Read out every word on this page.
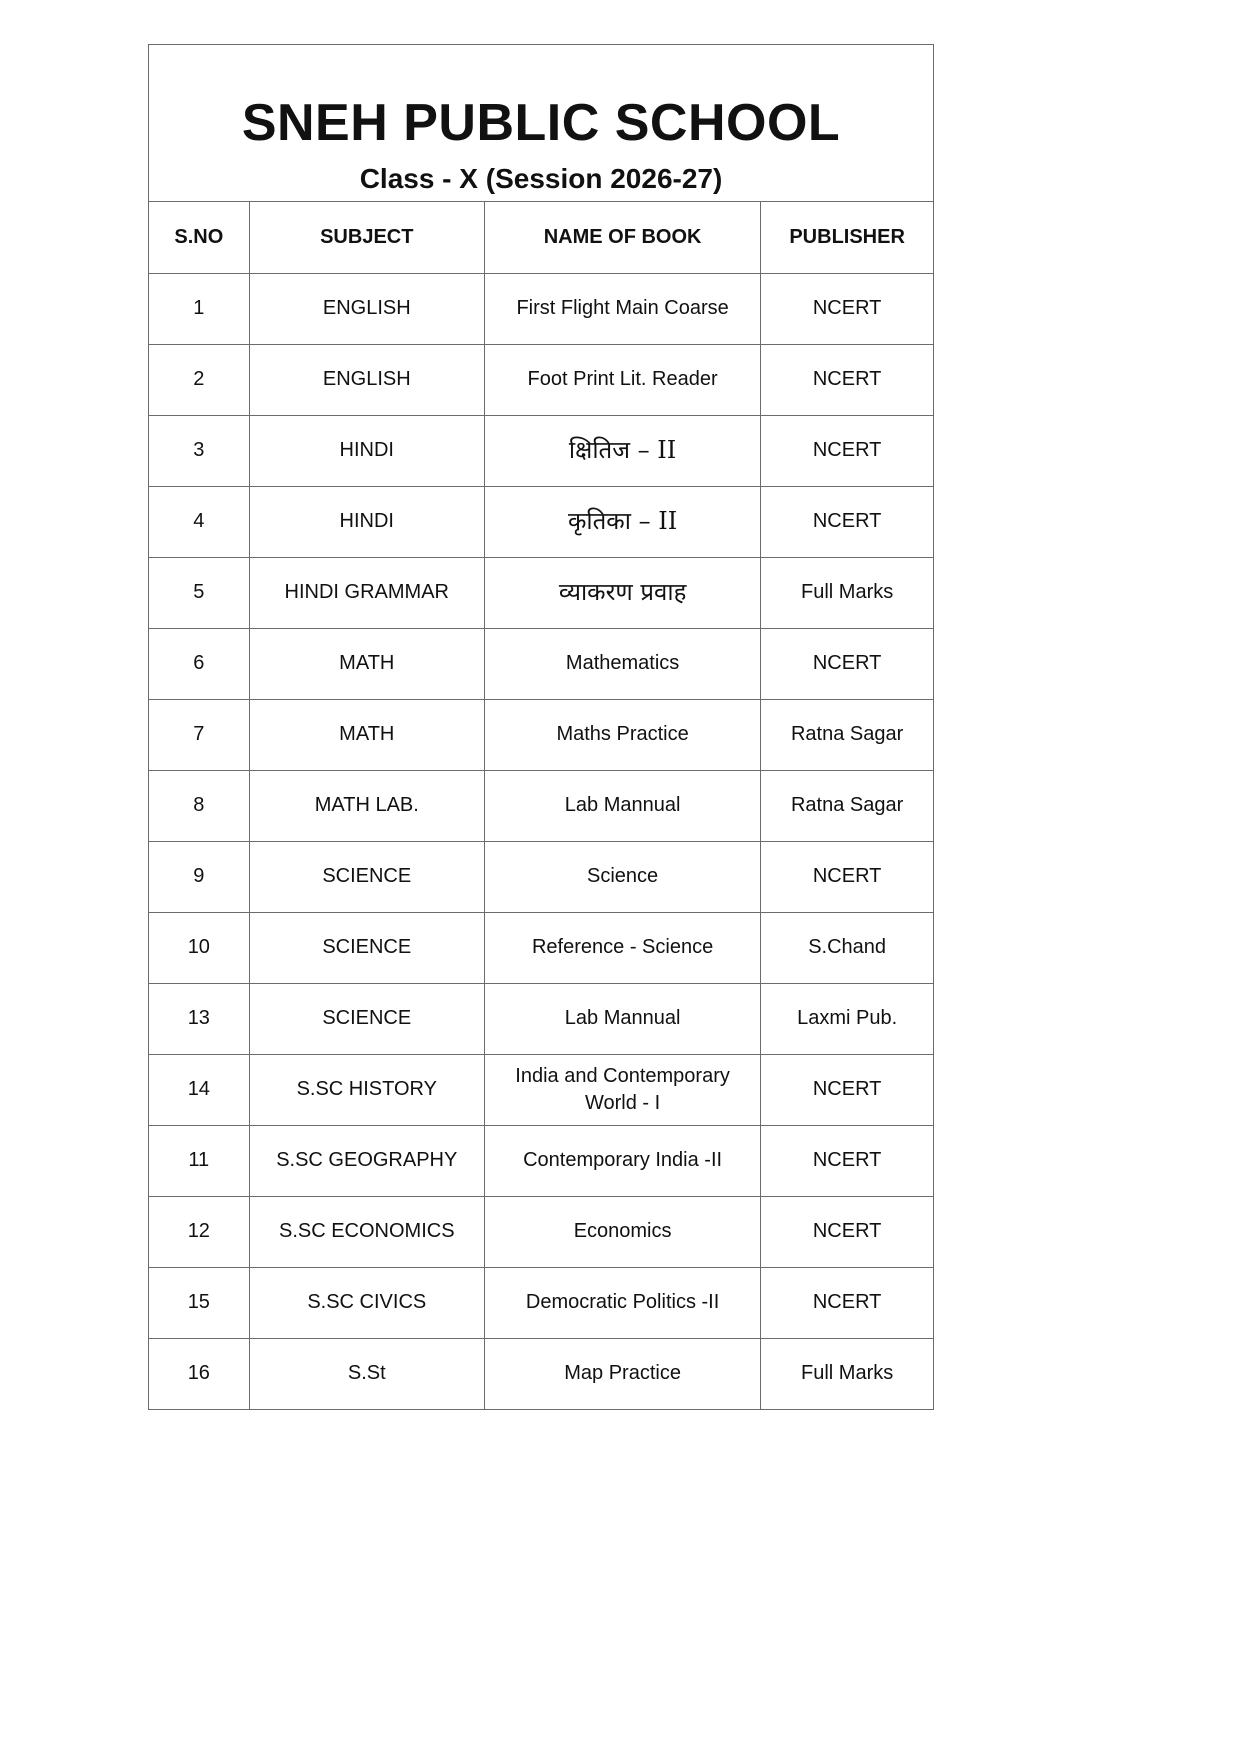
SNEH PUBLIC SCHOOL
Class - X (Session 2026-27)
S.NO	SUBJECT	NAME OF BOOK	PUBLISHER
1	ENGLISH	First Flight Main Coarse	NCERT
2	ENGLISH	Foot Print Lit. Reader	NCERT
3	HINDI	क्षितिज – II	NCERT
4	HINDI	कृतिका – II	NCERT
5	HINDI GRAMMAR	व्याकरण प्रवाह	Full Marks
6	MATH	Mathematics	NCERT
7	MATH	Maths Practice	Ratna Sagar
8	MATH LAB.	Lab Mannual	Ratna Sagar
9	SCIENCE	Science	NCERT
10	SCIENCE	Reference - Science	S.Chand
13	SCIENCE	Lab Mannual	Laxmi Pub.
14	S.SC HISTORY	India and Contemporary World - I	NCERT
11	S.SC GEOGRAPHY	Contemporary India -II	NCERT
12	S.SC ECONOMICS	Economics	NCERT
15	S.SC CIVICS	Democratic Politics -II	NCERT
16	S.St	Map Practice	Full Marks
